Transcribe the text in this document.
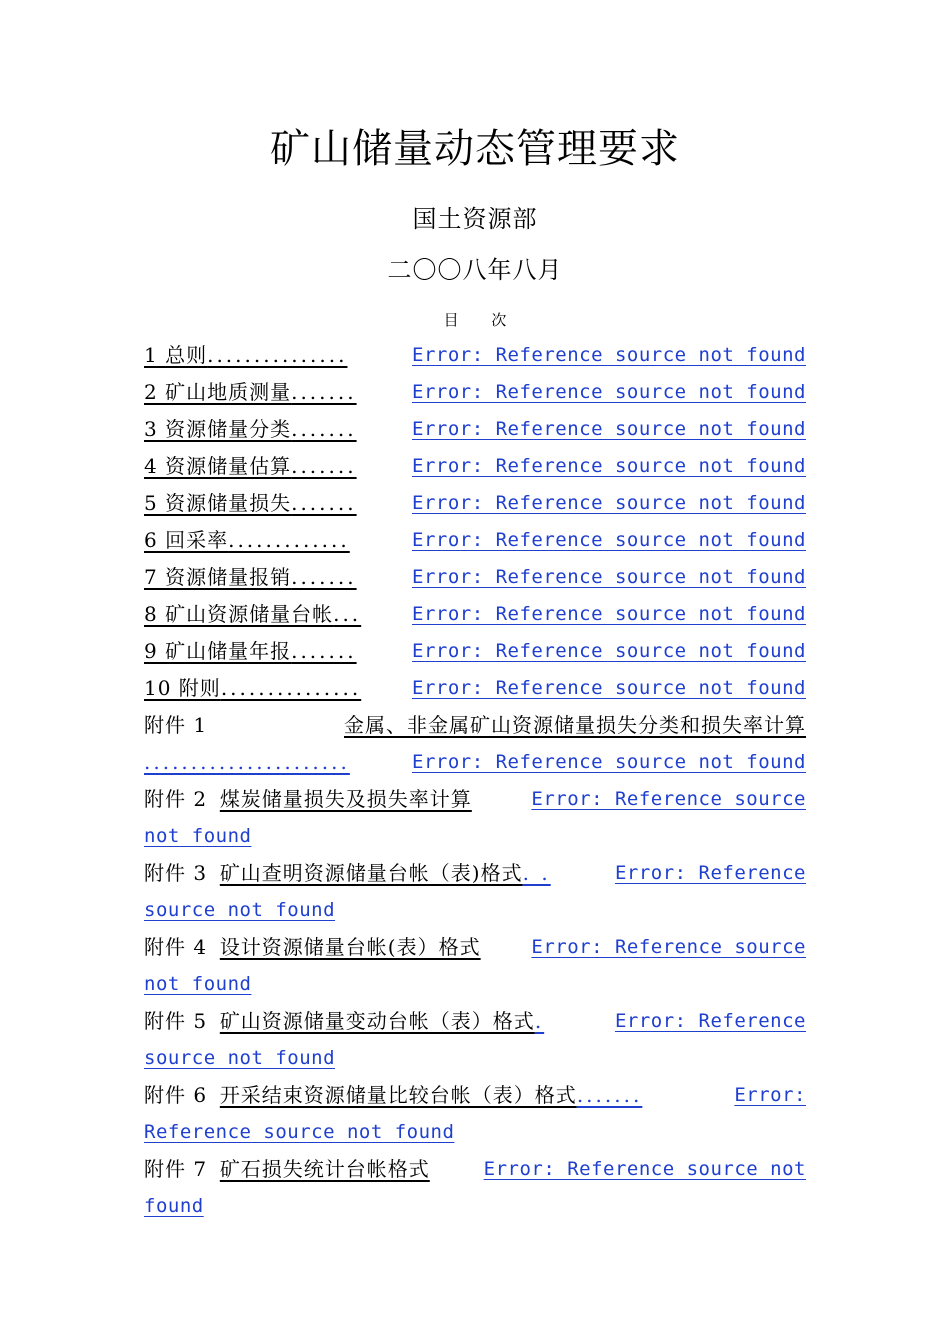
矿山储量动态管理要求
国土资源部
二〇〇八年八月
目 次
1 总则...............	Error: Reference source not found
2 矿山地质测量.......	Error: Reference source not found
3 资源储量分类.......	Error: Reference source not found
4 资源储量估算.......	Error: Reference source not found
5 资源储量损失.......	Error: Reference source not found
6 回采率.............	Error: Reference source not found
7 资源储量报销.......	Error: Reference source not found
8 矿山资源储量台帐...	Error: Reference source not found
9 矿山储量年报.......	Error: Reference source not found
10 附则...............	Error: Reference source not found
附件 1	金属、非金属矿山资源储量损失分类和损失率计算
......................	Error: Reference source not found
附件 2 煤炭储量损失及损失率计算	Error: Reference source
not found
附件 3 矿山查明资源储量台帐（表)格式. .	Error: Reference
source not found
附件 4 设计资源储量台帐(表）格式	Error: Reference source
not found
附件 5 矿山资源储量变动台帐（表）格式.	Error: Reference
source not found
附件 6 开采结束资源储量比较台帐（表）格式.......	Error:
Reference source not found
附件 7 矿石损失统计台帐格式	Error: Reference source not
found
